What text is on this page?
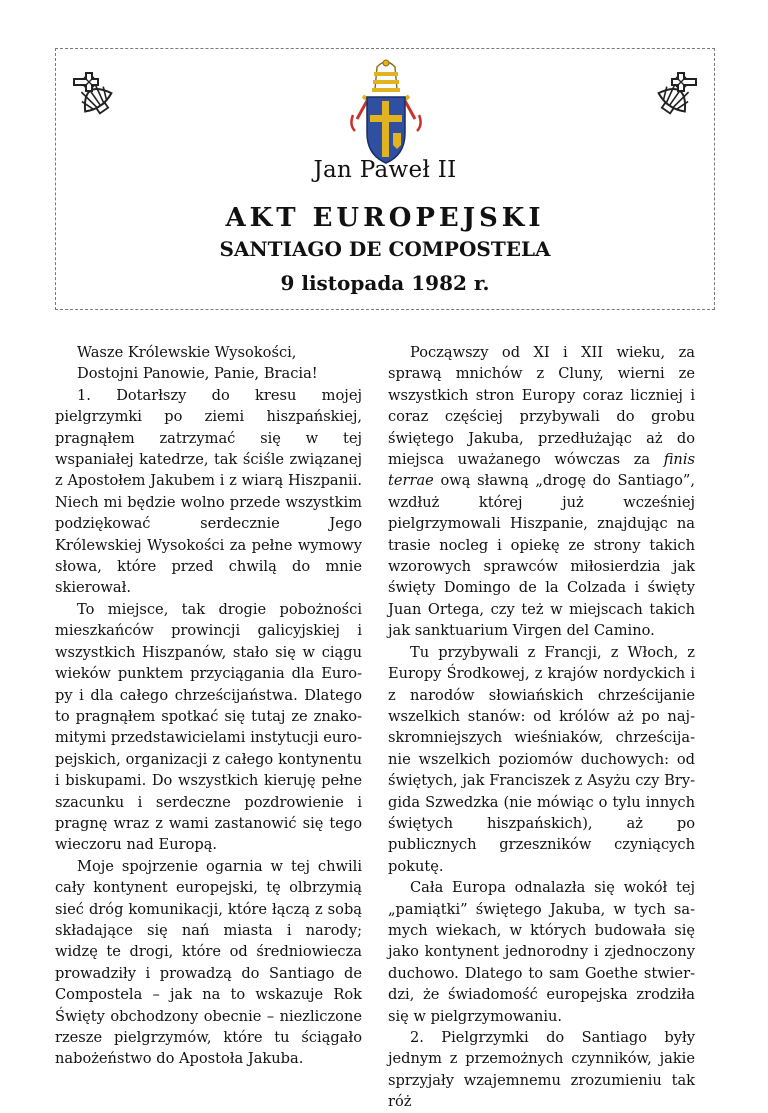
Jan Paweł II
AKT EUROPEJSKI
SANTIAGO DE COMPOSTELA
9 listopada 1982 r.

Wasze Królewskie Wysokości,

Dostojni Panowie, Panie, Bracia!

1. Dotarłszy do kresu mojej pielgrzymki po ziemi hiszpańskiej, pragnąłem zatrzymać się w tej wspaniałej katedrze, tak ściśle związanej z Apostołem Jakubem i z wiarą Hiszpanii. Niech mi będzie wolno przede wszystkim podziękować serdecznie Jego Królewskiej Wysokości za pełne wymowy słowa, które przed chwilą do mnie skierował.

To miejsce, tak drogie pobożności mieszkańców prowincji galicyjskiej i wszystkich Hiszpanów, stało się w ciągu wieków punktem przyciągania dla Europy i dla całego chrześcijaństwa. Dlatego to pragnąłem spotkać się tutaj ze znakomitymi przedstawicielami instytucji europejskich, organizacji z całego kontynentu i biskupami. Do wszystkich kieruję pełne szacunku i serdeczne pozdrowienie i pragnę wraz z wami zastanowić się tego wieczoru nad Europą.

Moje spojrzenie ogarnia w tej chwili cały kontynent europejski, tę olbrzymią sieć dróg komunikacji, które łączą z sobą składające się nań miasta i narody; widzę te drogi, które od średniowiecza prowadziły i prowadzą do Santiago de Compostela – jak na to wskazuje Rok Święty obchodzony obecnie – niezliczone rzesze pielgrzymów, które tu ściągało nabożeństwo do Apostoła Jakuba.

Począwszy od XI i XII wieku, za sprawą mnichów z Cluny, wierni ze wszystkich stron Europy coraz liczniej i coraz częściej przybywali do grobu świętego Jakuba, przedłużając aż do miejsca uważanego wówczas za finis terrae ową sławną „drogę do Santiago”, wzdłuż której już wcześniej pielgrzymowali Hiszpanie, znajdując na trasie nocleg i opiekę ze strony takich wzorowych sprawców miłosierdzia jak święty Domingo de la Colzada i święty Juan Ortega, czy też w miejscach takich jak sanktuarium Virgen del Camino.

Tu przybywali z Francji, z Włoch, z Europy Środkowej, z krajów nordyckich i z narodów słowiańskich chrześcijanie wszelkich stanów: od królów aż po najskromniejszych wieśniaków, chrześcijanie wszelkich poziomów duchowych: od świętych, jak Franciszek z Asyżu czy Brygida Szwedzka (nie mówiąc o tylu innych świętych hiszpańskich), aż po publicznych grzeszników czyniących pokutę.

Cała Europa odnalazła się wokół tej „pamiątki” świętego Jakuba, w tych samych wiekach, w których budowała się jako kontynent jednorodny i zjednoczony duchowo. Dlatego to sam Goethe stwierdzi, że świadomość europejska zrodziła się w pielgrzymowaniu.

2. Pielgrzymki do Santiago były jednym z przemożnych czynników, jakie sprzyjały wzajemnemu zrozumieniu tak róż
